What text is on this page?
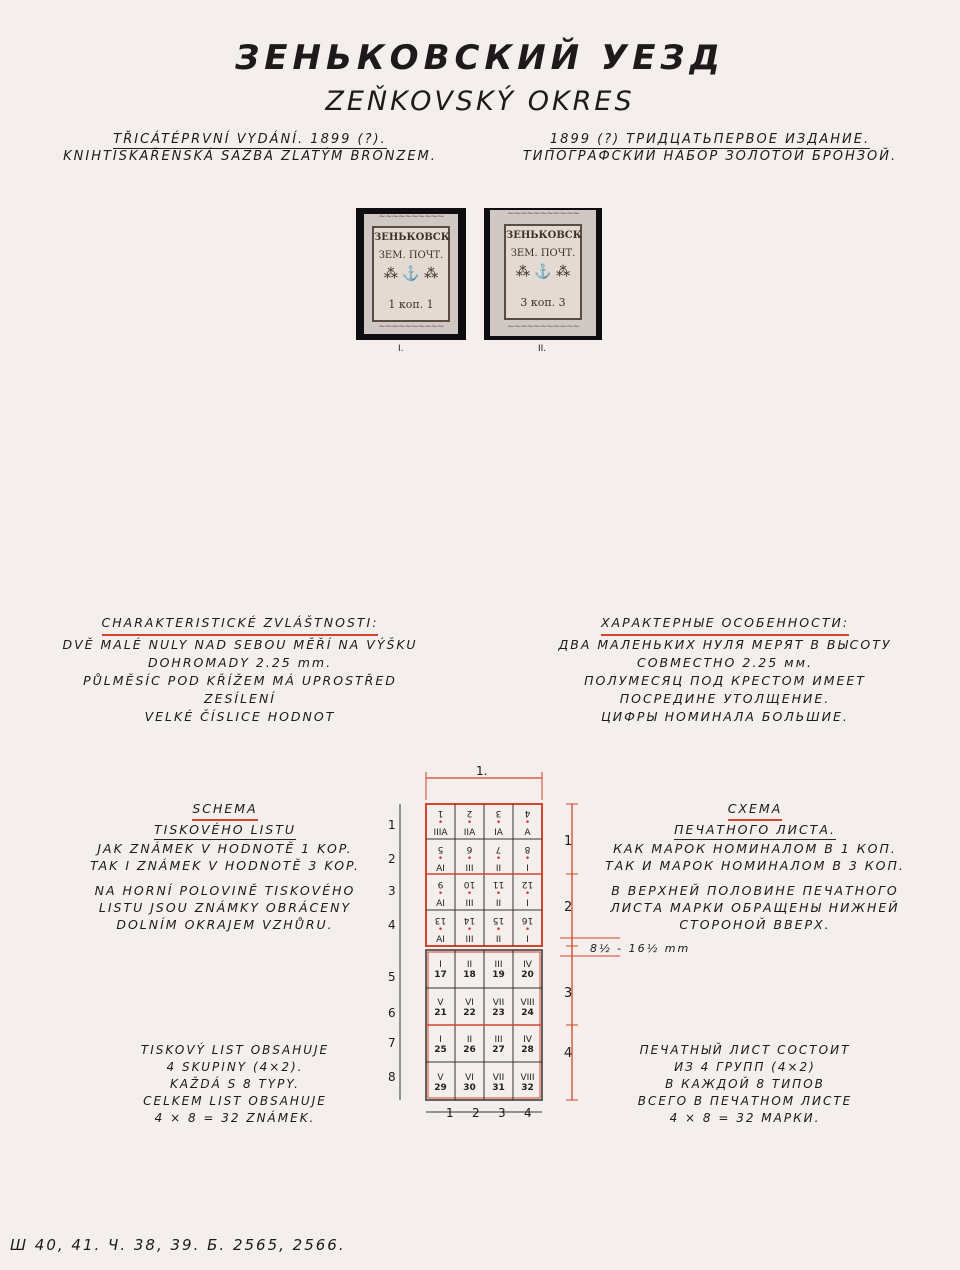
ЗЕНЬКОВСКИЙ УЕЗД
ZEŇKOVSKÝ OKRES
TŘICÁTÉPRVNÍ VYDÁNÍ. 1899 (?).
KNIHTISKAŘENSKÁ SAZBA ZLATÝM BRONZEM.
1899 (?) ТРИДЦАТЬПЕРВОЕ ИЗДАНИЕ.
ТИПОГРАФСКИЙ НАБОР ЗОЛОТОЙ БРОНЗОЙ.
∼∼∼∼∼∼∼∼∼∼
ЗЕНЬКОВСК
ЗЕМ. ПОЧТ.
⁂ ⚓ ⁂
1 коп. 1
∼∼∼∼∼∼∼∼∼∼
I.
∼∼∼∼∼∼∼∼∼∼∼
ЗЕНЬКОВСК
ЗЕМ. ПОЧТ.
⁂ ⚓ ⁂
3 коп. 3
∼∼∼∼∼∼∼∼∼∼∼
II.
CHARAKTERISTICKÉ ZVLÁŠTNOSTI:
DVĚ MALÉ NULY NAD SEBOU MĚŘÍ NA VÝŠKU
DOHROMADY 2.25 mm.
PŮLMĚSÍC POD KŘÍŽEM MÁ UPROSTŘED
ZESÍLENÍ
VELKÉ ČÍSLICE HODNOT
ХАРАКТЕРНЫЕ ОСОБЕННОСТИ:
ДВА МАЛЕНЬКИХ НУЛЯ МЕРЯТ В ВЫСОТУ
СОВМЕСТНО 2.25 мм.
ПОЛУМЕСЯЦ ПОД КРЕСТОМ ИМЕЕТ
ПОСРЕДИНЕ УТОЛЩЕНИЕ.
ЦИФРЫ НОМИНАЛА БОЛЬШИЕ.
SCHEMA
TISKOVÉHO LISTU
JAK ZNÁMEK V HODNOTĚ 1 KOP.
TAK I ZNÁMEK V HODNOTĚ 3 KOP.
NA HORNÍ POLOVINĚ TISKOVÉHO
LISTU JSOU ZNÁMKY OBRÁCENY
DOLNÍM OKRAJEM VZHŮRU.
СХЕМА
ПЕЧАТНОГО ЛИСТА.
КАК МАРОК НОМИНАЛОМ В 1 КОП.
ТАК И МАРОК НОМИНАЛОМ В 3 КОП.
В ВЕРХНЕЙ ПОЛОВИНЕ ПЕЧАТНОГО
ЛИСТА МАРКИ ОБРАЩЕНЫ НИЖНЕЙ
СТОРОНОЙ ВВЕРХ.
TISKOVÝ LIST OBSAHUJE
4 SKUPINY (4×2).
KAŽDÁ S 8 TYPY.
CELKEM LIST OBSAHUJE
4 × 8 = 32 ZNÁMEK.
ПЕЧАТНЫЙ ЛИСТ СОСТОИТ
ИЗ 4 ГРУПП (4×2)
В КАЖДОЙ 8 ТИПОВ
ВСЕГО В ПЕЧАТНОМ ЛИСТЕ
4 × 8 = 32 МАРКИ.
1.
1
2
3
4
5
6
7
8
1
2
3
4
8½ - 16½ mm
1 2 3 4
1
•
IIIA
2
•
IIA
3
•
IA
4
•
A
5
•
AI
6
•
III
7
•
II
8
•
I
9
•
AI
10
•
III
11
•
II
12
•
I
13
•
AI
14
•
III
15
•
II
16
•
I
I
17
II
18
III
19
IV
20
V
21
VI
22
VII
23
VIII
24
I
25
II
26
III
27
IV
28
V
29
VI
30
VII
31
VIII
32
Ш 40, 41. Ч. 38, 39. Б. 2565, 2566.
